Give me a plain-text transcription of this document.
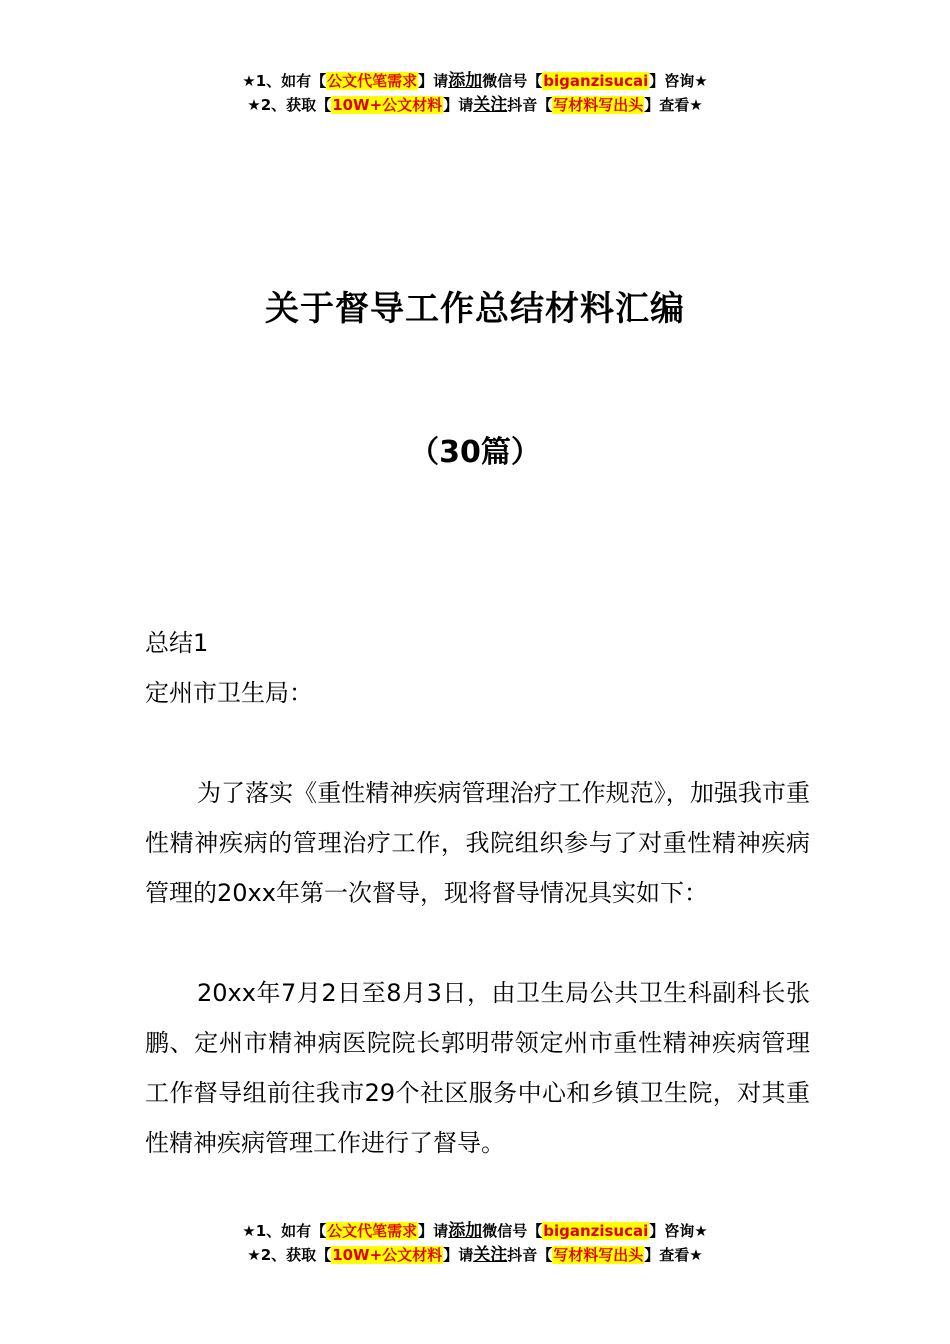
★1、如有【公文代笔需求】请添加微信号【biganzisucai】咨询★
★2、获取【10W+公文材料】请关注抖音【写材料写出头】查看★
关于督导工作总结材料汇编
（30篇）

总结1

定州市卫生局：

为了落实《重性精神疾病管理治疗工作规范》，加强我市重性精神疾病的管理治疗工作，我院组织参与了对重性精神疾病管理的20xx年第一次督导，现将督导情况具实如下：

20xx年7月2日至8月3日，由卫生局公共卫生科副科长张鹏、定州市精神病医院院长郭明带领定州市重性精神疾病管理工作督导组前往我市29个社区服务中心和乡镇卫生院，对其重性精神疾病管理工作进行了督导。

★1、如有【公文代笔需求】请添加微信号【biganzisucai】咨询★
★2、获取【10W+公文材料】请关注抖音【写材料写出头】查看★
